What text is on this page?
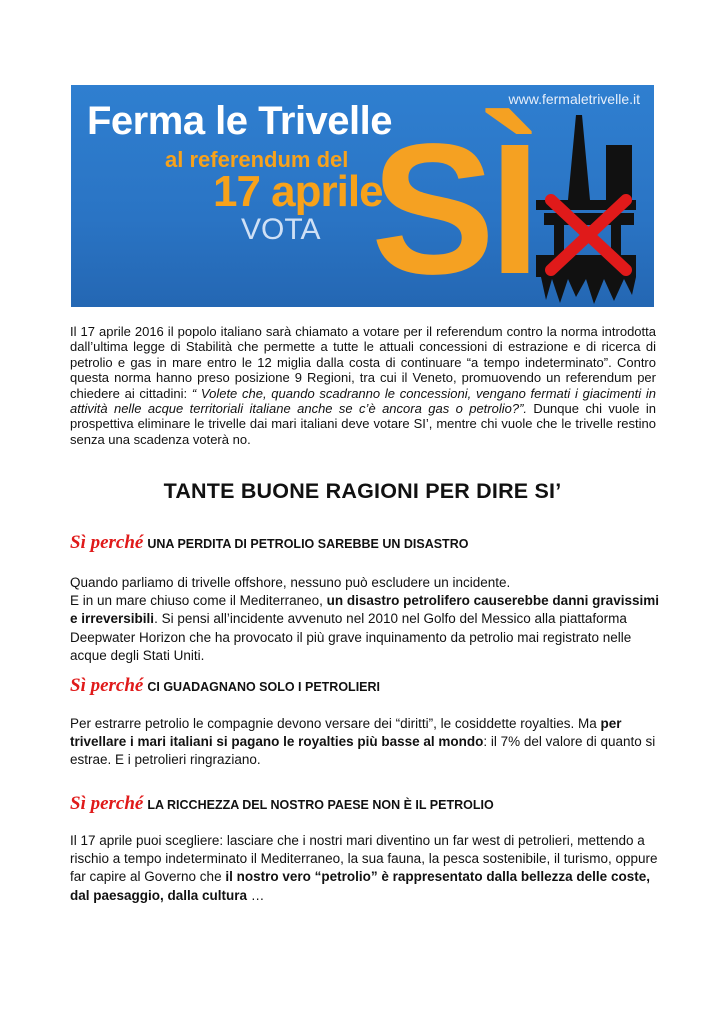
Ferma le Trivelle	www.fermaletrivelle.it
al referendum del
17 aprile
VOTA SÌ
Il 17 aprile 2016 il popolo italiano sarà chiamato a votare per il referendum contro la norma introdotta dall’ultima legge di Stabilità che permette a tutte le attuali concessioni di estrazione e di ricerca di petrolio e gas in mare entro le 12 miglia dalla costa di continuare “a tempo indeterminato”. Contro questa norma hanno preso posizione 9 Regioni, tra cui il Veneto, promuovendo un referendum per chiedere ai cittadini: “ Volete che, quando scadranno le concessioni, vengano fermati i giacimenti in attività nelle acque territoriali italiane anche se c’è ancora gas o petrolio?”. Dunque chi vuole in prospettiva eliminare le trivelle dai mari italiani deve votare SI’, mentre chi vuole che le trivelle restino senza una scadenza voterà no.
TANTE BUONE RAGIONI PER DIRE SI’
Sì perché UNA PERDITA DI PETROLIO SAREBBE UN DISASTRO
Quando parliamo di trivelle offshore, nessuno può escludere un incidente.
E in un mare chiuso come il Mediterraneo, un disastro petrolifero causerebbe danni gravissimi e irreversibili. Si pensi all’incidente avvenuto nel 2010 nel Golfo del Messico alla piattaforma Deepwater Horizon che ha provocato il più grave inquinamento da petrolio mai registrato nelle acque degli Stati Uniti.
Sì perché CI GUADAGNANO SOLO I PETROLIERI
Per estrarre petrolio le compagnie devono versare dei “diritti”, le cosiddette royalties. Ma per trivellare i mari italiani si pagano le royalties più basse al mondo: il 7% del valore di quanto si estrae. E i petrolieri ringraziano.
Sì perché LA RICCHEZZA DEL NOSTRO PAESE NON È IL PETROLIO
Il 17 aprile puoi scegliere: lasciare che i nostri mari diventino un far west di petrolieri, mettendo a rischio a tempo indeterminato il Mediterraneo, la sua fauna, la pesca sostenibile, il turismo, oppure far capire al Governo che il nostro vero “petrolio” è rappresentato dalla bellezza delle coste, dal paesaggio, dalla cultura …
